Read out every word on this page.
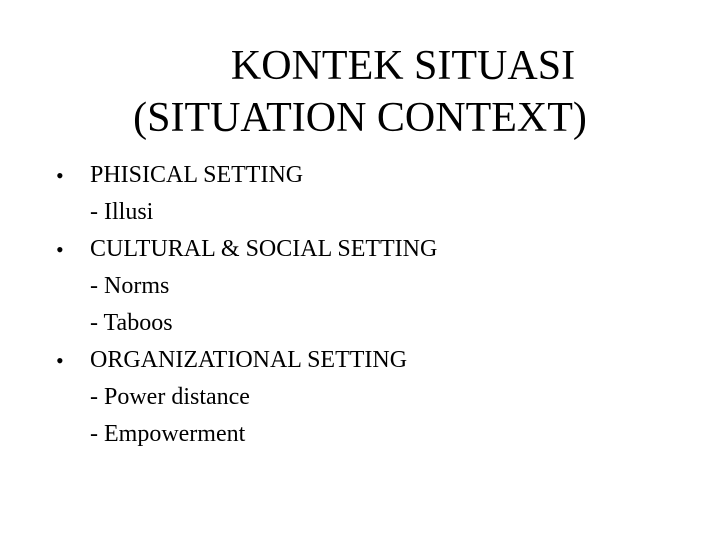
KONTEK SITUASI
(SITUATION CONTEXT)
•	PHISICAL SETTING
- Illusi
•	CULTURAL & SOCIAL SETTING
- Norms
- Taboos
•	ORGANIZATIONAL SETTING
- Power distance
- Empowerment
